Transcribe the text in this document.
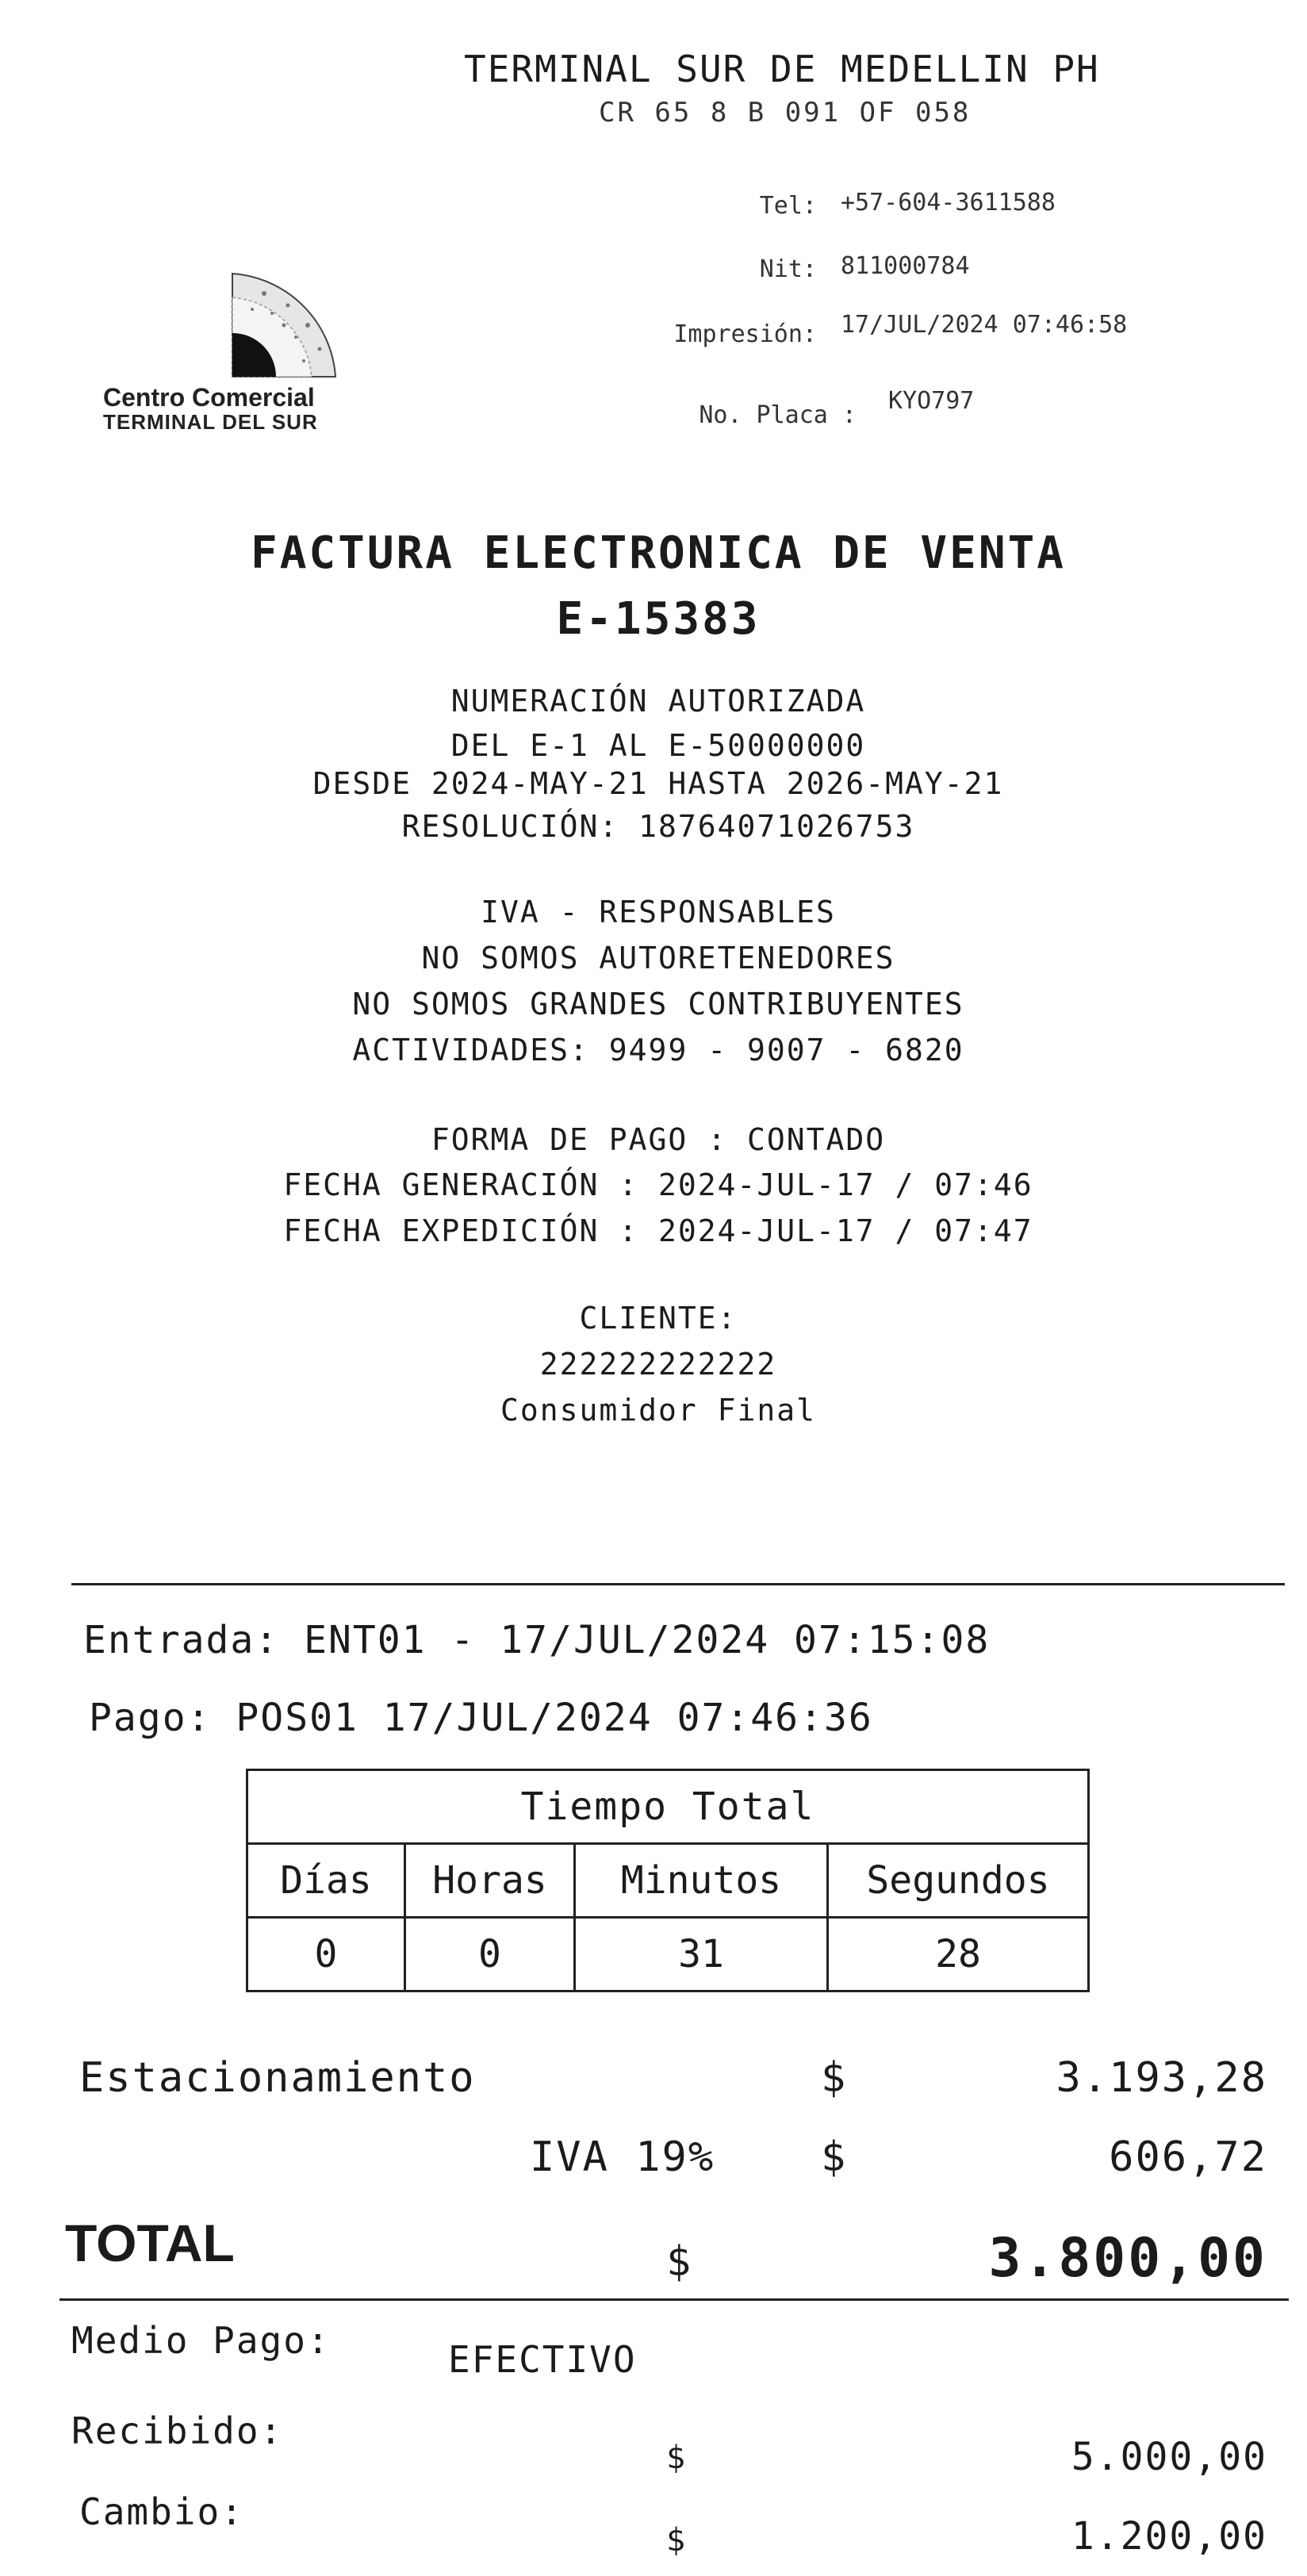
TERMINAL SUR DE MEDELLIN PH
CR 65 8 B 091 OF 058
Tel: +57-604-3611588
Nit: 811000784
Impresión: 17/JUL/2024 07:46:58
No. Placa :
KYO797
Centro Comercial
TERMINAL DEL SUR
FACTURA ELECTRONICA DE VENTA
E-15383
NUMERACIÓN AUTORIZADA
DEL E-1 AL E-50000000
DESDE 2024-MAY-21 HASTA 2026-MAY-21
RESOLUCIÓN: 18764071026753
IVA - RESPONSABLES
NO SOMOS AUTORETENEDORES
NO SOMOS GRANDES CONTRIBUYENTES
ACTIVIDADES: 9499 - 9007 - 6820
FORMA DE PAGO : CONTADO
FECHA GENERACIÓN : 2024-JUL-17 / 07:46
FECHA EXPEDICIÓN : 2024-JUL-17 / 07:47
CLIENTE:
222222222222
Consumidor Final
Entrada: ENT01 - 17/JUL/2024 07:15:08
Pago: POS01 17/JUL/2024 07:46:36
Tiempo Total			
Días	Horas	Minutos	Segundos
0	0	31	28
Estacionamiento	$	3.193,28
IVA 19%	$	606,72
TOTAL	$	3.800,00
Medio Pago:	EFECTIVO
Recibido:
$	5.000,00
Cambio:
$	1.200,00
